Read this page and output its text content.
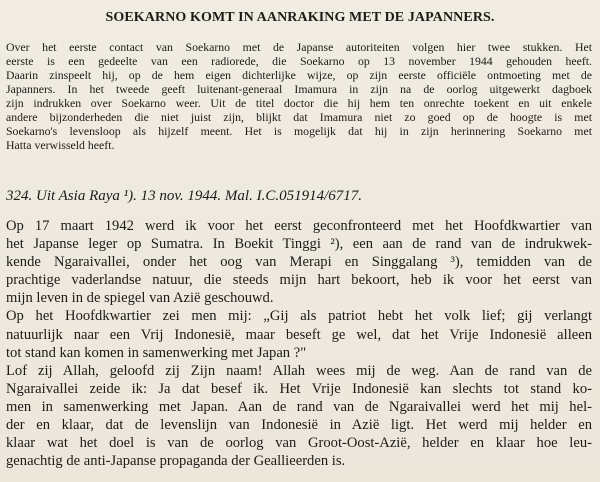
SOEKARNO KOMT IN AANRAKING MET DE JAPANNERS.
Over het eerste contact van Soekarno met de Japanse autoriteiten volgen hier twee stukken. Het
eerste is een gedeelte van een radiorede, die Soekarno op 13 november 1944 gehouden heeft.
Daarin zinspeelt hij, op de hem eigen dichterlijke wijze, op zijn eerste officiële ontmoeting met de
Japanners. In het tweede geeft luitenant-generaal Imamura in zijn na de oorlog uitgewerkt dagboek
zijn indrukken over Soekarno weer. Uit de titel doctor die hij hem ten onrechte toekent en uit enkele
andere bijzonderheden die niet juist zijn, blijkt dat Imamura niet zo goed op de hoogte is met
Soekarno's levensloop als hijzelf meent. Het is mogelijk dat hij in zijn herinnering Soekarno met
Hatta verwisseld heeft.
324. Uit Asia Raya ¹). 13 nov. 1944. Mal. I.C.051914/6717.
Op 17 maart 1942 werd ik voor het eerst geconfronteerd met het Hoofdkwartier van
het Japanse leger op Sumatra. In Boekit Tinggi ²), een aan de rand van de indrukwek-
kende Ngaraivallei, onder het oog van Merapi en Singgalang ³), temidden van de
prachtige vaderlandse natuur, die steeds mijn hart bekoort, heb ik voor het eerst van
mijn leven in de spiegel van Azië geschouwd.
Op het Hoofdkwartier zei men mij: „Gij als patriot hebt het volk lief; gij verlangt
natuurlijk naar een Vrij Indonesië, maar beseft ge wel, dat het Vrije Indonesië alleen
tot stand kan komen in samenwerking met Japan ?"
Lof zij Allah, geloofd zij Zijn naam! Allah wees mij de weg. Aan de rand van de
Ngaraivallei zeide ik: Ja dat besef ik. Het Vrije Indonesië kan slechts tot stand ko-
men in samenwerking met Japan. Aan de rand van de Ngaraivallei werd het mij hel-
der en klaar, dat de levenslijn van Indonesië in Azië ligt. Het werd mij helder en
klaar wat het doel is van de oorlog van Groot-Oost-Azië, helder en klaar hoe leu-
genachtig de anti-Japanse propaganda der Geallieerden is.
